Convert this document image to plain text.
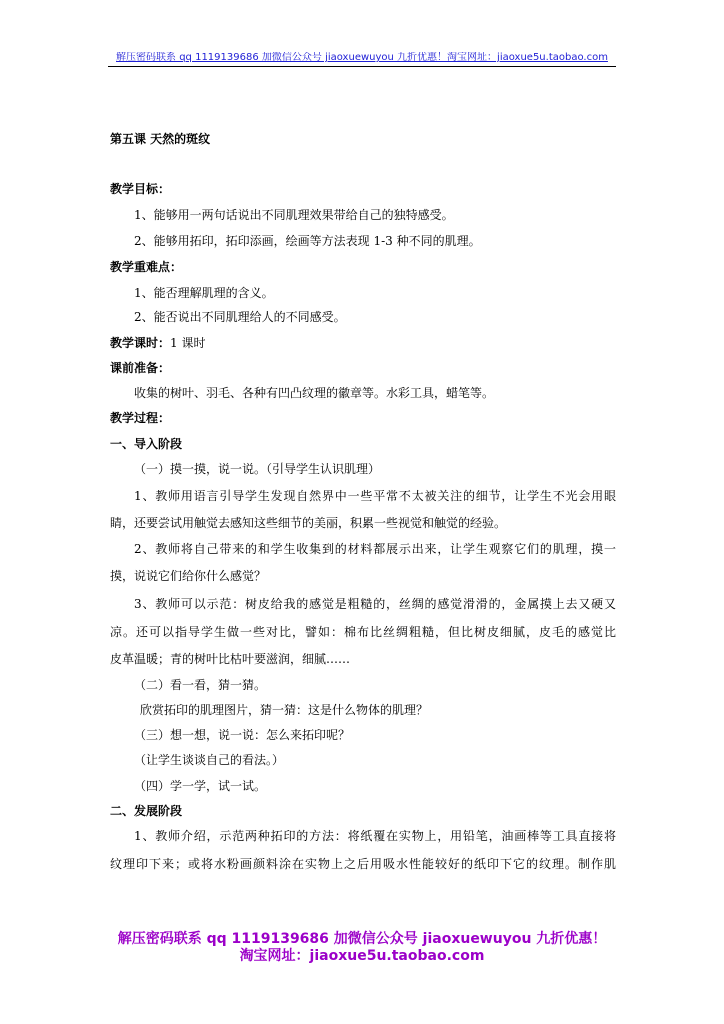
解压密码联系 qq 1119139686 加微信公众号 jiaoxuewuyou 九折优惠！淘宝网址：jiaoxue5u.taobao.com
第五课 天然的斑纹
教学目标：
1、能够用一两句话说出不同肌理效果带给自己的独特感受。
2、能够用拓印，拓印添画，绘画等方法表现 1-3 种不同的肌理。
教学重难点：
1、能否理解肌理的含义。
2、能否说出不同肌理给人的不同感受。
教学课时：1 课时
课前准备：
收集的树叶、羽毛、各种有凹凸纹理的徽章等。水彩工具，蜡笔等。
教学过程：
一、导入阶段
（一）摸一摸，说一说。（引导学生认识肌理）
1、教师用语言引导学生发现自然界中一些平常不太被关注的细节，让学生不光会用眼
睛，还要尝试用触觉去感知这些细节的美丽，积累一些视觉和触觉的经验。
2、教师将自己带来的和学生收集到的材料都展示出来，让学生观察它们的肌理，摸一
摸，说说它们给你什么感觉？
3、教师可以示范：树皮给我的感觉是粗糙的，丝绸的感觉滑滑的，金属摸上去又硬又
凉。还可以指导学生做一些对比，譬如：棉布比丝绸粗糙，但比树皮细腻，皮毛的感觉比
皮革温暖；青的树叶比枯叶要滋润，细腻……
（二）看一看，猜一猜。
欣赏拓印的肌理图片，猜一猜：这是什么物体的肌理？
（三）想一想，说一说：怎么来拓印呢？
（让学生谈谈自己的看法。）
（四）学一学，试一试。
二、发展阶段
1、教师介绍，示范两种拓印的方法：将纸覆在实物上，用铅笔，油画棒等工具直接将
纹理印下来；或将水粉画颜料涂在实物上之后用吸水性能较好的纸印下它的纹理。制作肌
解压密码联系 qq 1119139686 加微信公众号 jiaoxuewuyou 九折优惠！
淘宝网址：jiaoxue5u.taobao.com
